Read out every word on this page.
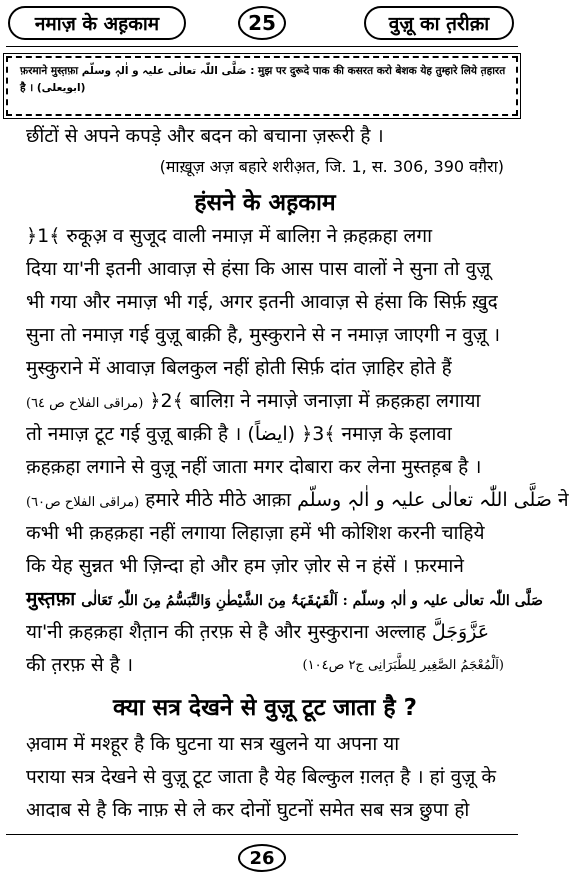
नमाज़ के अह़काम	25	वुज़ू का त़रीक़ा
फ़रमाने मुस्त़फ़ा صَلَّی اللّٰہ تعالٰی علیہ و اٰلہٖ وسلّم : मुझ पर दुरूदे पाक की कसरत करो बेशक येह तुम्हारे लिये त़हारत
है । (ابویعلی)
छींटों से अपने कपड़े और बदन को बचाना ज़रूरी है ।
(माख़ूज़ अज़ बहारे शरीअ़त, जि. 1, स. 306, 390 वग़ैरा)
हंसने के अह़काम
﴿1﴾ रुकूअ़ व सुजूद वाली नमाज़ में बालिग़ ने क़हक़हा लगा
दिया या'नी इतनी आवाज़ से हंसा कि आस पास वालों ने सुना तो वुज़ू
भी गया और नमाज़ भी गई, अगर इतनी आवाज़ से हंसा कि सिर्फ़ ख़ुद
सुना तो नमाज़ गई वुज़ू बाक़ी है, मुस्कुराने से न नमाज़ जाएगी न वुज़ू ।
मुस्कुराने में आवाज़ बिलकुल नहीं होती सिर्फ़ दांत ज़ाहिर होते हैं
(مراقی الفلاح ص ٦٤) ﴿2﴾ बालिग़ ने नमाज़े जनाज़ा में क़हक़हा लगाया
तो नमाज़ टूट गई वुज़ू बाक़ी है । (ایضاً) ﴿3﴾ नमाज़ के इलावा
क़हक़हा लगाने से वुज़ू नहीं जाता मगर दोबारा कर लेना मुस्तह़ब है ।
(مراقی الفلاح ص٦٠) हमारे मीठे मीठे आक़ा صَلَّی اللّٰہ تعالٰی علیہ و اٰلہٖ وسلّم ने
कभी भी क़हक़हा नहीं लगाया लिहाज़ा हमें भी कोशिश करनी चाहिये
कि येह सुन्नत भी ज़िन्दा हो और हम ज़ोर ज़ोर से न हंसें । फ़रमाने
मुस्त़फ़ा صَلَّی اللّٰہ تعالٰی علیہ و اٰلہٖ وسلّم : اَلْقَہْقَہَۃُ مِنَ الشَّیْطٰنِ وَالتَّبَسُّمُ مِنَ اللّٰہِ تَعَالٰی
या'नी क़हक़हा शैत़ान की त़रफ़ से है और मुस्कुराना अल्लाह عَزَّوَجَلَّ
की त़रफ़ से है ।	(اَلْمُعْجَمُ الصَّغِیر لِلطَّبَرَانِی ج٢ ص١٠٤)
क्या सत्र देखने से वुज़ू टूट जाता है ?
अ़वाम में मश्हूर है कि घुटना या सत्र खुलने या अपना या
पराया सत्र देखने से वुज़ू टूट जाता है येह बिल्कुल ग़लत़ है । हां वुज़ू के
आदाब से है कि नाफ़ से ले कर दोनों घुटनों समेत सब सत्र छुपा हो
26
